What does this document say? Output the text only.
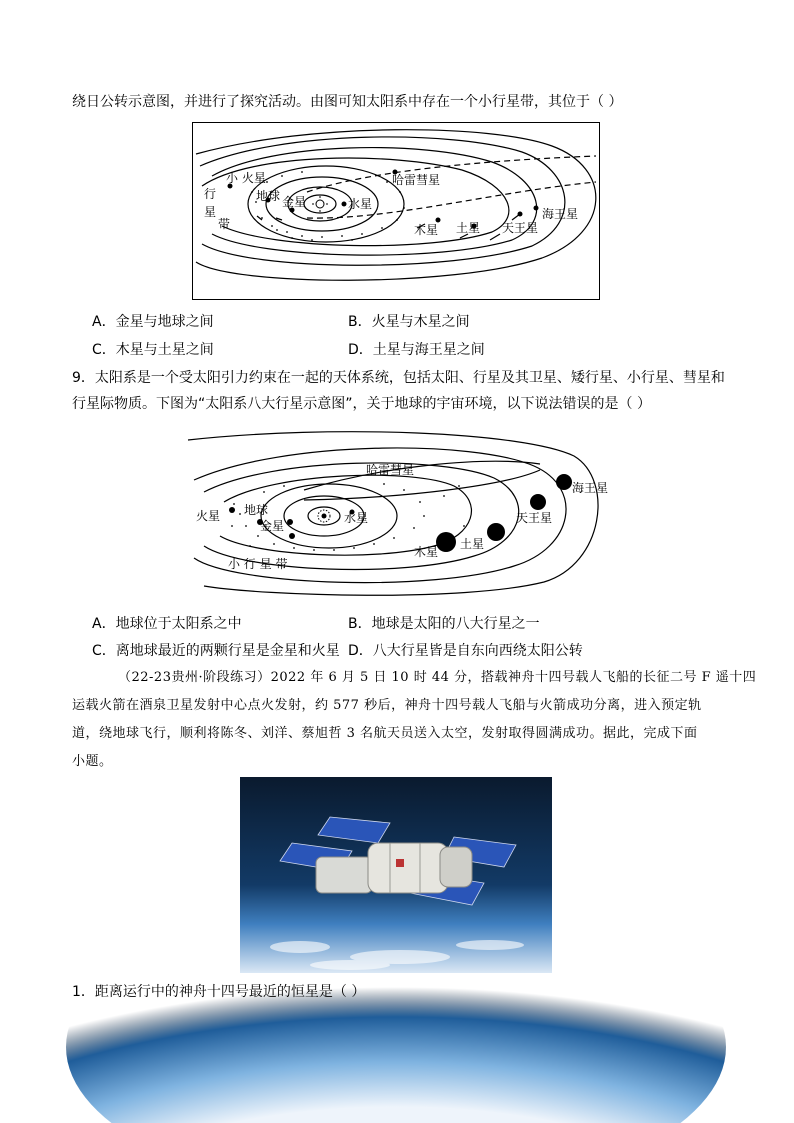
绕日公转示意图，并进行了探究活动。由图可知太阳系中存在一个小行星带，其位于（ ）
小 火星
地球 金星	水星
哈雷彗星
木星 土星 天王星
海王星
行
星
带
A．金星与地球之间	B．火星与木星之间
C．木星与土星之间	D．土星与海王星之间
9．太阳系是一个受太阳引力约束在一起的天体系统，包括太阳、行星及其卫星、矮行星、小行星、彗星和
行星际物质。下图为“太阳系八大行星示意图”，关于地球的宇宙环境，以下说法错误的是（ ）
哈雷彗星
海王星
天王星
土星
木星
水星
地球
金星
火星
小 行 星 带
A．地球位于太阳系之中	B．地球是太阳的八大行星之一
C．离地球最近的两颗行星是金星和火星 D．八大行星皆是自东向西绕太阳公转
（22-23贵州·阶段练习）2022 年 6 月 5 日 10 时 44 分，搭载神舟十四号载人飞船的长征二号 F 遥十四
运载火箭在酒泉卫星发射中心点火发射，约 577 秒后，神舟十四号载人飞船与火箭成功分离，进入预定轨
道，绕地球飞行，顺利将陈冬、刘洋、蔡旭哲 3 名航天员送入太空，发射取得圆满成功。据此，完成下面
小题。
1．距离运行中的神舟十四号最近的恒星是（ ）
